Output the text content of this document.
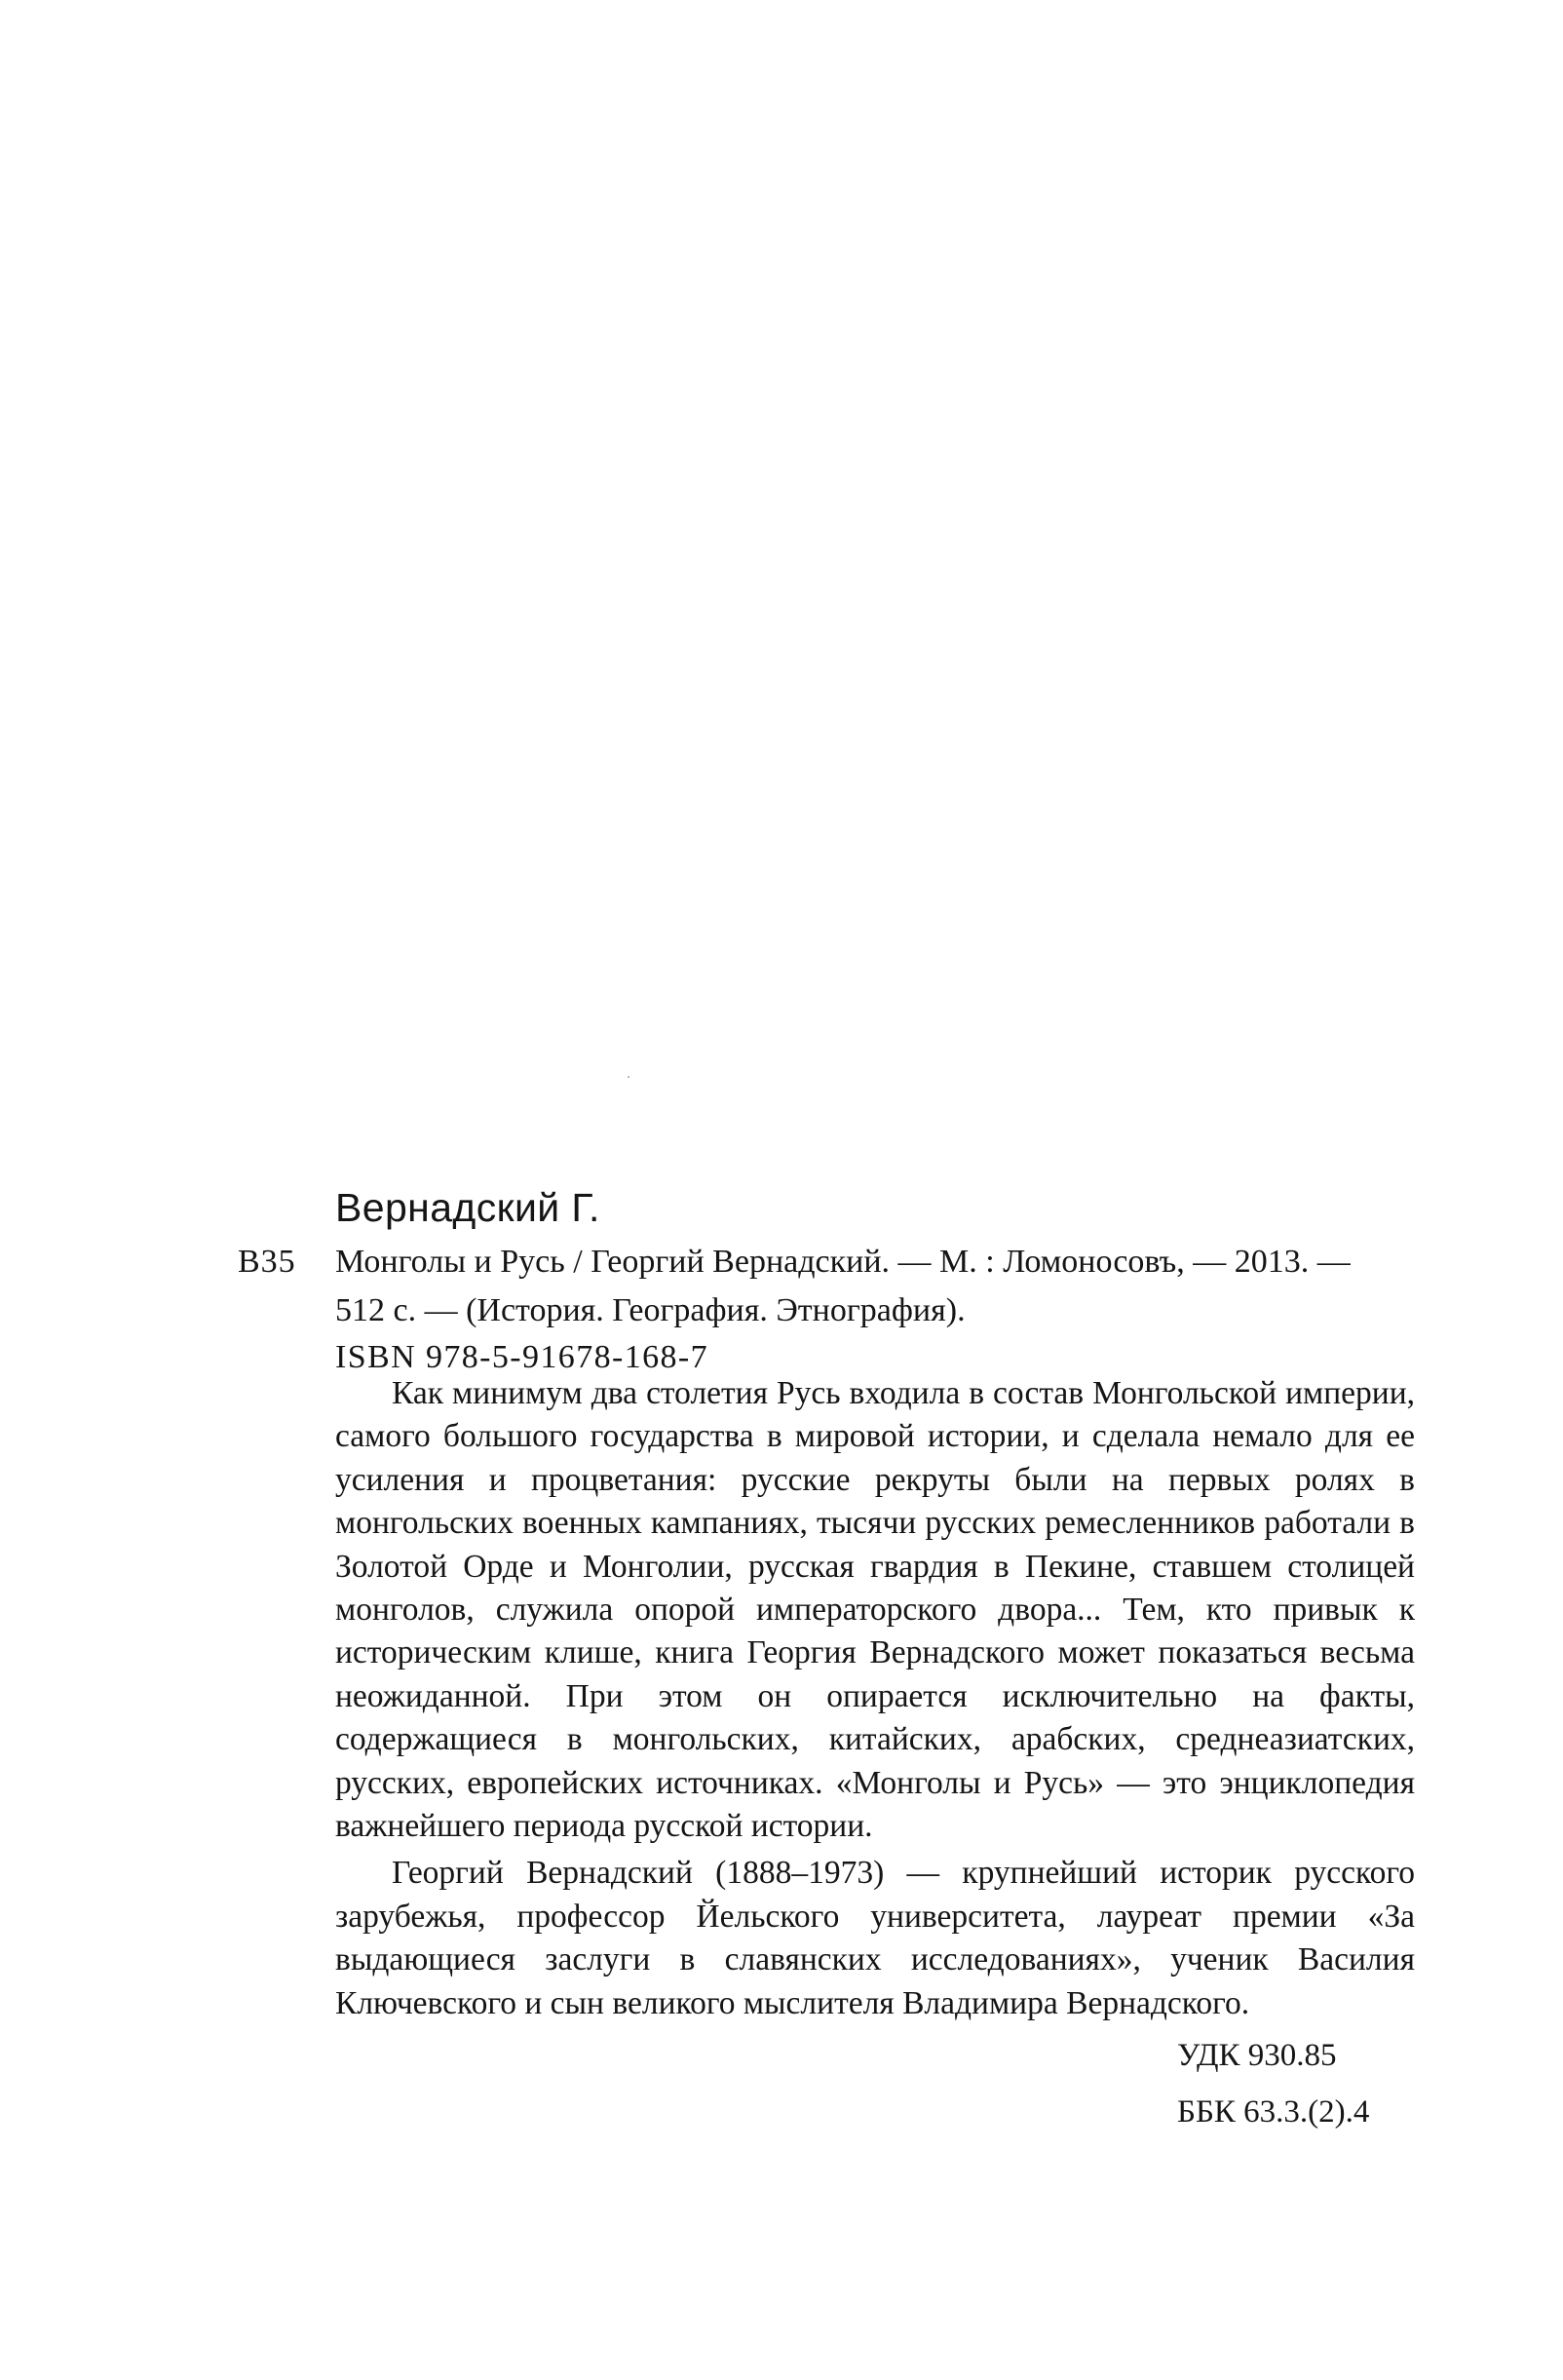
Вернадский Г.
В35 Монголы и Русь / Георгий Вернадский. — М. : Ломоносовъ, — 2013. —
512 с. — (История. География. Этнография).
ISBN 978-5-91678-168-7

Как минимум два столетия Русь входила в состав Монгольской империи, самого большого государства в мировой истории, и сделала немало для ее усиления и процветания: русские рекруты были на первых ролях в монгольских военных кампаниях, тысячи русских ремесленников работали в Золотой Орде и Монголии, русская гвардия в Пекине, ставшем столицей монголов, служила опорой императорского двора... Тем, кто привык к историческим клише, книга Георгия Вернадского может показаться весьма неожиданной. При этом он опирается исключительно на факты, содержащиеся в монгольских, китайских, арабских, среднеазиатских, русских, европейских источниках. «Монголы и Русь» — это энциклопедия важнейшего периода русской истории.

Георгий Вернадский (1888–1973) — крупнейший историк русского зарубежья, профессор Йельского университета, лауреат премии «За выдающиеся заслуги в славянских исследованиях», ученик Василия Ключевского и сын великого мыслителя Владимира Вернадского.

УДК 930.85
ББК 63.3.(2).4
